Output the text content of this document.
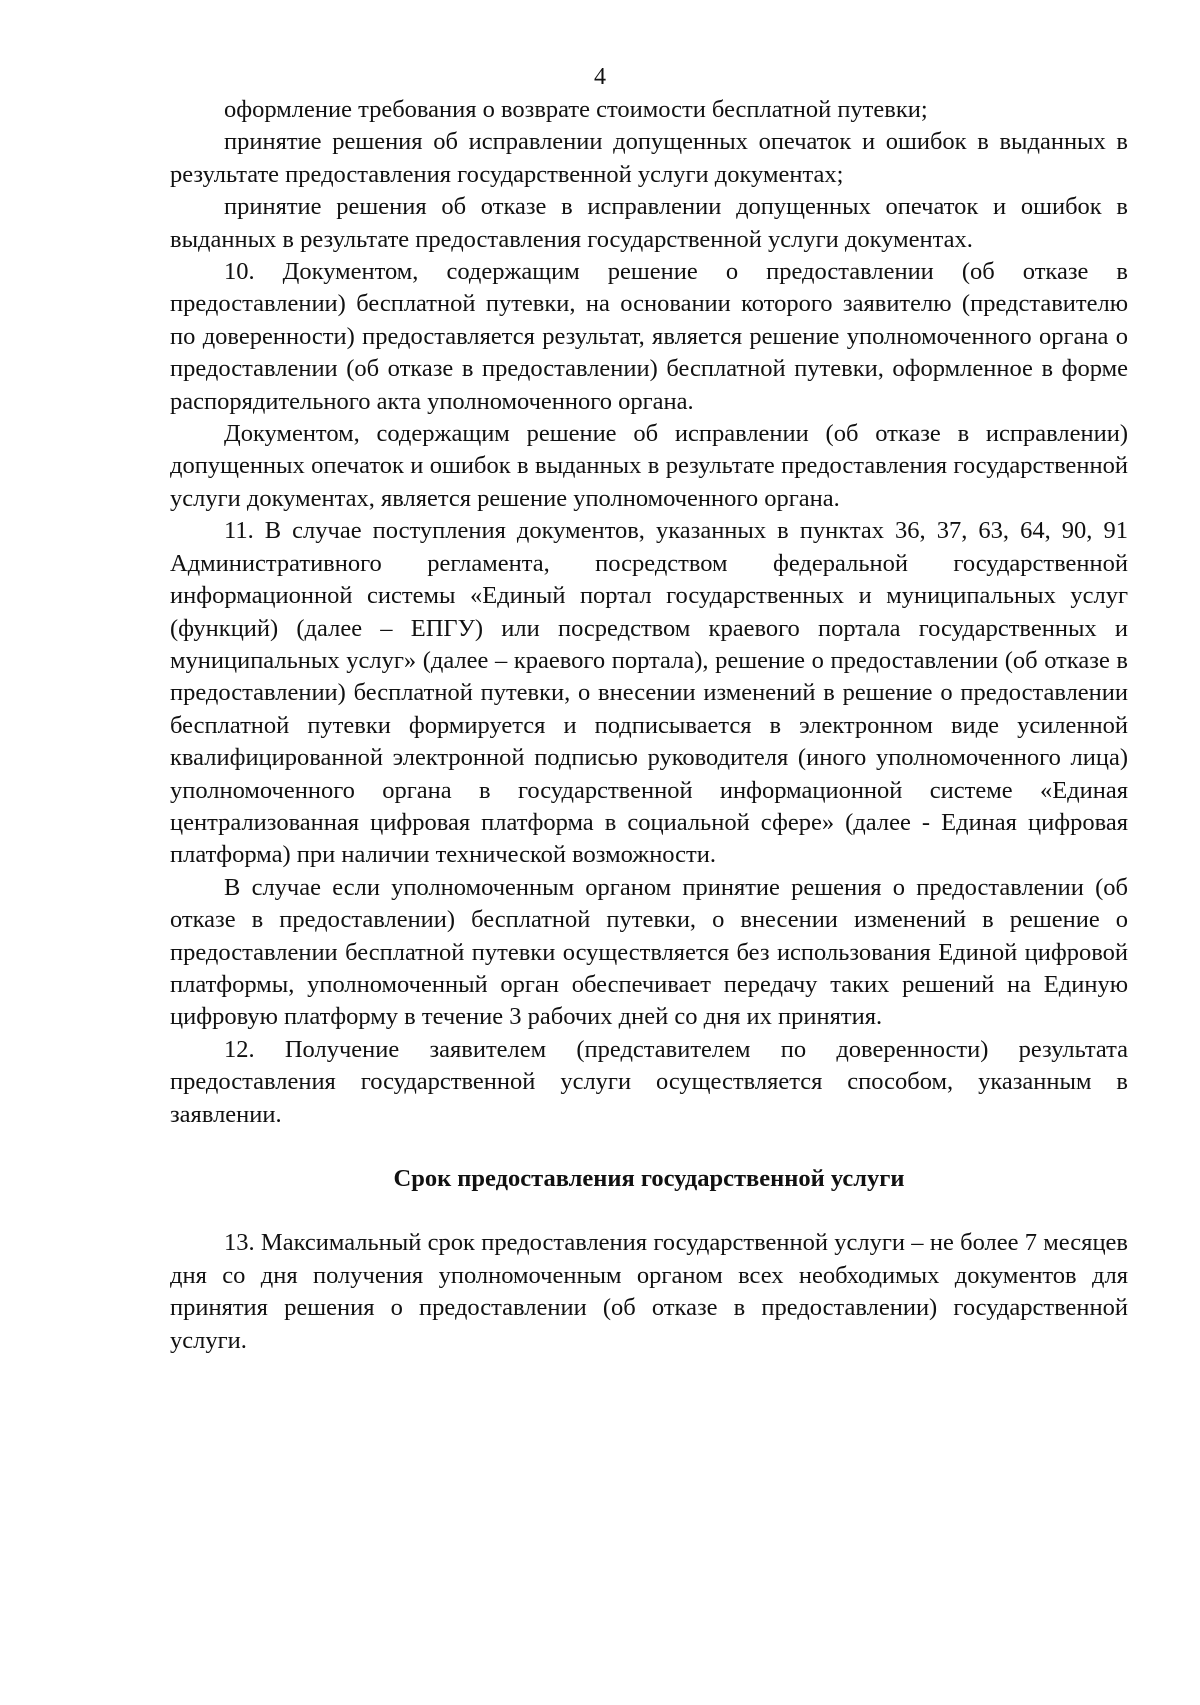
4

оформление требования о возврате стоимости бесплатной путевки;

принятие решения об исправлении допущенных опечаток и ошибок в выданных в результате предоставления государственной услуги документах;

принятие решения об отказе в исправлении допущенных опечаток и ошибок в выданных в результате предоставления государственной услуги документах.

10. Документом, содержащим решение о предоставлении (об отказе в предоставлении) бесплатной путевки, на основании которого заявителю (представителю по доверенности) предоставляется результат, является решение уполномоченного органа о предоставлении (об отказе в предоставлении) бесплатной путевки, оформленное в форме распорядительного акта уполномоченного органа.

Документом, содержащим решение об исправлении (об отказе в исправлении) допущенных опечаток и ошибок в выданных в результате предоставления государственной услуги документах, является решение уполномоченного органа.

11. В случае поступления документов, указанных в пунктах 36, 37, 63, 64, 90, 91 Административного регламента, посредством федеральной государственной информационной системы «Единый портал государственных и муниципальных услуг (функций) (далее – ЕПГУ) или посредством краевого портала государственных и муниципальных услуг» (далее – краевого портала), решение о предоставлении (об отказе в предоставлении) бесплатной путевки, о внесении изменений в решение о предоставлении бесплатной путевки формируется и подписывается в электронном виде усиленной квалифицированной электронной подписью руководителя (иного уполномоченного лица) уполномоченного органа в государственной информационной системе «Единая централизованная цифровая платформа в социальной сфере» (далее - Единая цифровая платформа) при наличии технической возможности.

В случае если уполномоченным органом принятие решения о предоставлении (об отказе в предоставлении) бесплатной путевки, о внесении изменений в решение о предоставлении бесплатной путевки осуществляется без использования Единой цифровой платформы, уполномоченный орган обеспечивает передачу таких решений на Единую цифровую платформу в течение 3 рабочих дней со дня их принятия.

12. Получение заявителем (представителем по доверенности) результата предоставления государственной услуги осуществляется способом, указанным в заявлении.

Срок предоставления государственной услуги

13. Максимальный срок предоставления государственной услуги – не более 7 месяцев дня со дня получения уполномоченным органом всех необходимых документов для принятия решения о предоставлении (об отказе в предоставлении) государственной услуги.
